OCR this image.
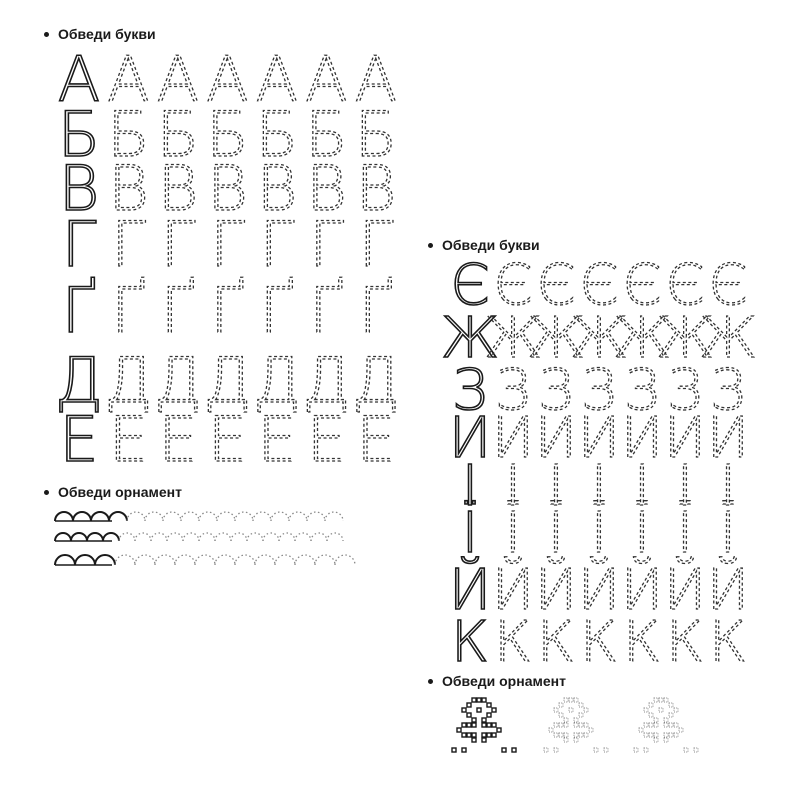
Обведи букви
Обведи орнамент
Обведи букви
Обведи орнамент
А А А А А А А
Б Б Б Б Б Б Б
В В В В В В В
Г Г Г Г Г Г Г
Ґ Ґ Ґ Ґ Ґ Ґ Ґ
Д Д Д Д Д Д Д
Е Е Е Е Е Е Е
Є Є Є Є Є Є Є
Ж
Ж
Ж
Ж
Ж
Ж
Ж
З З З З З З З
И И И И И И И
І І І І І І І
Ї Ї Ї Ї Ї Ї Ї
Й Й Й Й Й Й Й
К К К К К К К
